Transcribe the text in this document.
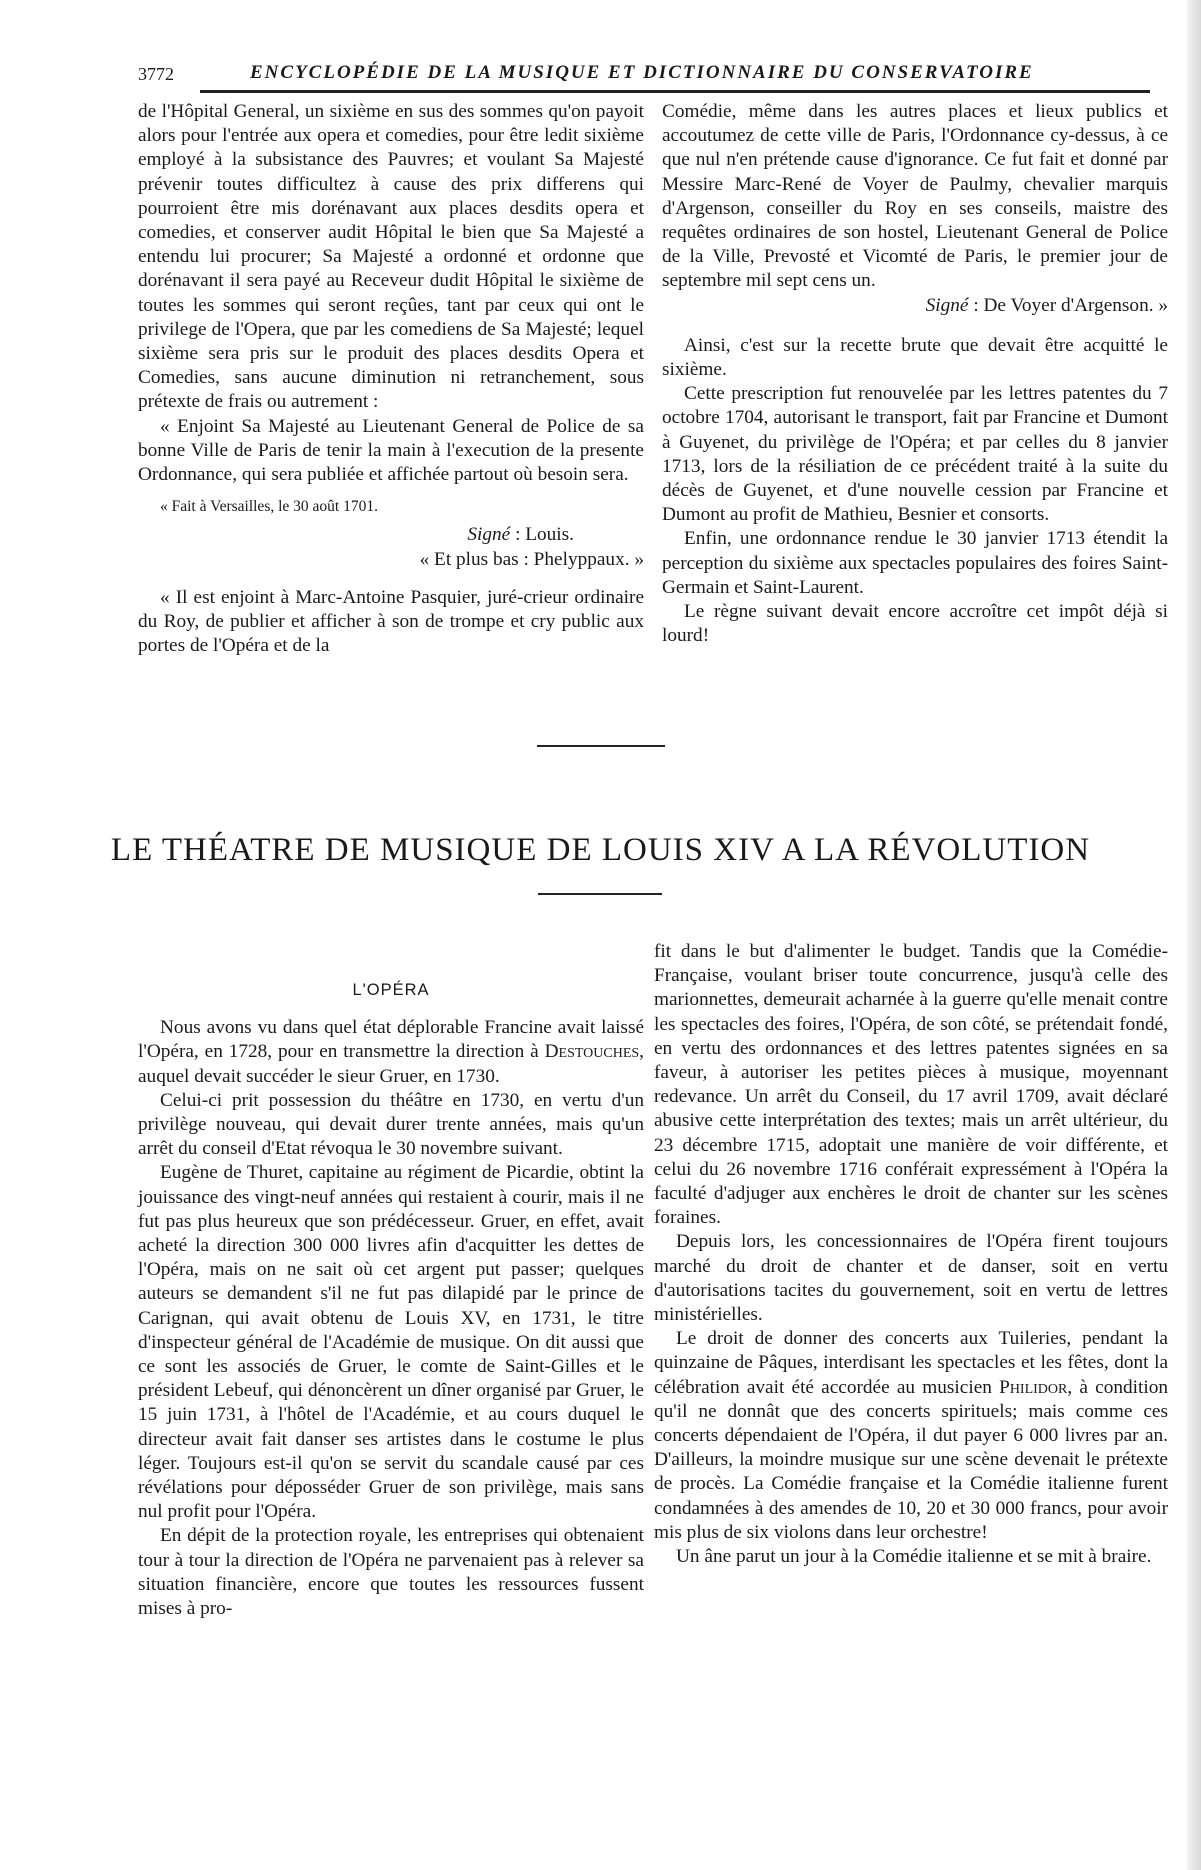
3772	ENCYCLOPÉDIE DE LA MUSIQUE ET DICTIONNAIRE DU CONSERVATOIRE

de l'Hôpital General, un sixième en sus des sommes qu'on payoit alors pour l'entrée aux opera et comedies, pour être ledit sixième employé à la subsistance des Pauvres; et voulant Sa Majesté prévenir toutes difficultez à cause des prix differens qui pourroient être mis dorénavant aux places desdits opera et comedies, et conserver audit Hôpital le bien que Sa Majesté a entendu lui procurer; Sa Majesté a ordonné et ordonne que dorénavant il sera payé au Receveur dudit Hôpital le sixième de toutes les sommes qui seront reçûes, tant par ceux qui ont le privilege de l'Opera, que par les comediens de Sa Majesté; lequel sixième sera pris sur le produit des places desdits Opera et Comedies, sans aucune diminution ni retranchement, sous prétexte de frais ou autrement :

« Enjoint Sa Majesté au Lieutenant General de Police de sa bonne Ville de Paris de tenir la main à l'execution de la presente Ordonnance, qui sera publiée et affichée partout où besoin sera.

« Fait à Versailles, le 30 août 1701.

Signé : Louis.

« Et plus bas : Phelyppaux. »

« Il est enjoint à Marc-Antoine Pasquier, juré-crieur ordinaire du Roy, de publier et afficher à son de trompe et cry public aux portes de l'Opéra et de la

Comédie, même dans les autres places et lieux publics et accoutumez de cette ville de Paris, l'Ordonnance cy-dessus, à ce que nul n'en prétende cause d'ignorance. Ce fut fait et donné par Messire Marc-René de Voyer de Paulmy, chevalier marquis d'Argenson, conseiller du Roy en ses conseils, maistre des requêtes ordinaires de son hostel, Lieutenant General de Police de la Ville, Prevosté et Vicomté de Paris, le premier jour de septembre mil sept cens un.

Signé : De Voyer d'Argenson. »

Ainsi, c'est sur la recette brute que devait être acquitté le sixième.

Cette prescription fut renouvelée par les lettres patentes du 7 octobre 1704, autorisant le transport, fait par Francine et Dumont à Guyenet, du privilège de l'Opéra; et par celles du 8 janvier 1713, lors de la résiliation de ce précédent traité à la suite du décès de Guyenet, et d'une nouvelle cession par Francine et Dumont au profit de Mathieu, Besnier et consorts.

Enfin, une ordonnance rendue le 30 janvier 1713 étendit la perception du sixième aux spectacles populaires des foires Saint-Germain et Saint-Laurent.

Le règne suivant devait encore accroître cet impôt déjà si lourd!

LE THÉATRE DE MUSIQUE DE LOUIS XIV A LA RÉVOLUTION

L'OPÉRA

Nous avons vu dans quel état déplorable Francine avait laissé l'Opéra, en 1728, pour en transmettre la direction à Destouches, auquel devait succéder le sieur Gruer, en 1730.

Celui-ci prit possession du théâtre en 1730, en vertu d'un privilège nouveau, qui devait durer trente années, mais qu'un arrêt du conseil d'Etat révoqua le 30 novembre suivant.

Eugène de Thuret, capitaine au régiment de Picardie, obtint la jouissance des vingt-neuf années qui restaient à courir, mais il ne fut pas plus heureux que son prédécesseur. Gruer, en effet, avait acheté la direction 300 000 livres afin d'acquitter les dettes de l'Opéra, mais on ne sait où cet argent put passer; quelques auteurs se demandent s'il ne fut pas dilapidé par le prince de Carignan, qui avait obtenu de Louis XV, en 1731, le titre d'inspecteur général de l'Académie de musique. On dit aussi que ce sont les associés de Gruer, le comte de Saint-Gilles et le président Lebeuf, qui dénoncèrent un dîner organisé par Gruer, le 15 juin 1731, à l'hôtel de l'Académie, et au cours duquel le directeur avait fait danser ses artistes dans le costume le plus léger. Toujours est-il qu'on se servit du scandale causé par ces révélations pour déposséder Gruer de son privilège, mais sans nul profit pour l'Opéra.

En dépit de la protection royale, les entreprises qui obtenaient tour à tour la direction de l'Opéra ne parvenaient pas à relever sa situation financière, encore que toutes les ressources fussent mises à pro-

fit dans le but d'alimenter le budget. Tandis que la Comédie-Française, voulant briser toute concurrence, jusqu'à celle des marionnettes, demeurait acharnée à la guerre qu'elle menait contre les spectacles des foires, l'Opéra, de son côté, se prétendait fondé, en vertu des ordonnances et des lettres patentes signées en sa faveur, à autoriser les petites pièces à musique, moyennant redevance. Un arrêt du Conseil, du 17 avril 1709, avait déclaré abusive cette interprétation des textes; mais un arrêt ultérieur, du 23 décembre 1715, adoptait une manière de voir différente, et celui du 26 novembre 1716 conférait expressément à l'Opéra la faculté d'adjuger aux enchères le droit de chanter sur les scènes foraines.

Depuis lors, les concessionnaires de l'Opéra firent toujours marché du droit de chanter et de danser, soit en vertu d'autorisations tacites du gouvernement, soit en vertu de lettres ministérielles.

Le droit de donner des concerts aux Tuileries, pendant la quinzaine de Pâques, interdisant les spectacles et les fêtes, dont la célébration avait été accordée au musicien Philidor, à condition qu'il ne donnât que des concerts spirituels; mais comme ces concerts dépendaient de l'Opéra, il dut payer 6 000 livres par an. D'ailleurs, la moindre musique sur une scène devenait le prétexte de procès. La Comédie française et la Comédie italienne furent condamnées à des amendes de 10, 20 et 30 000 francs, pour avoir mis plus de six violons dans leur orchestre!

Un âne parut un jour à la Comédie italienne et se mit à braire.
